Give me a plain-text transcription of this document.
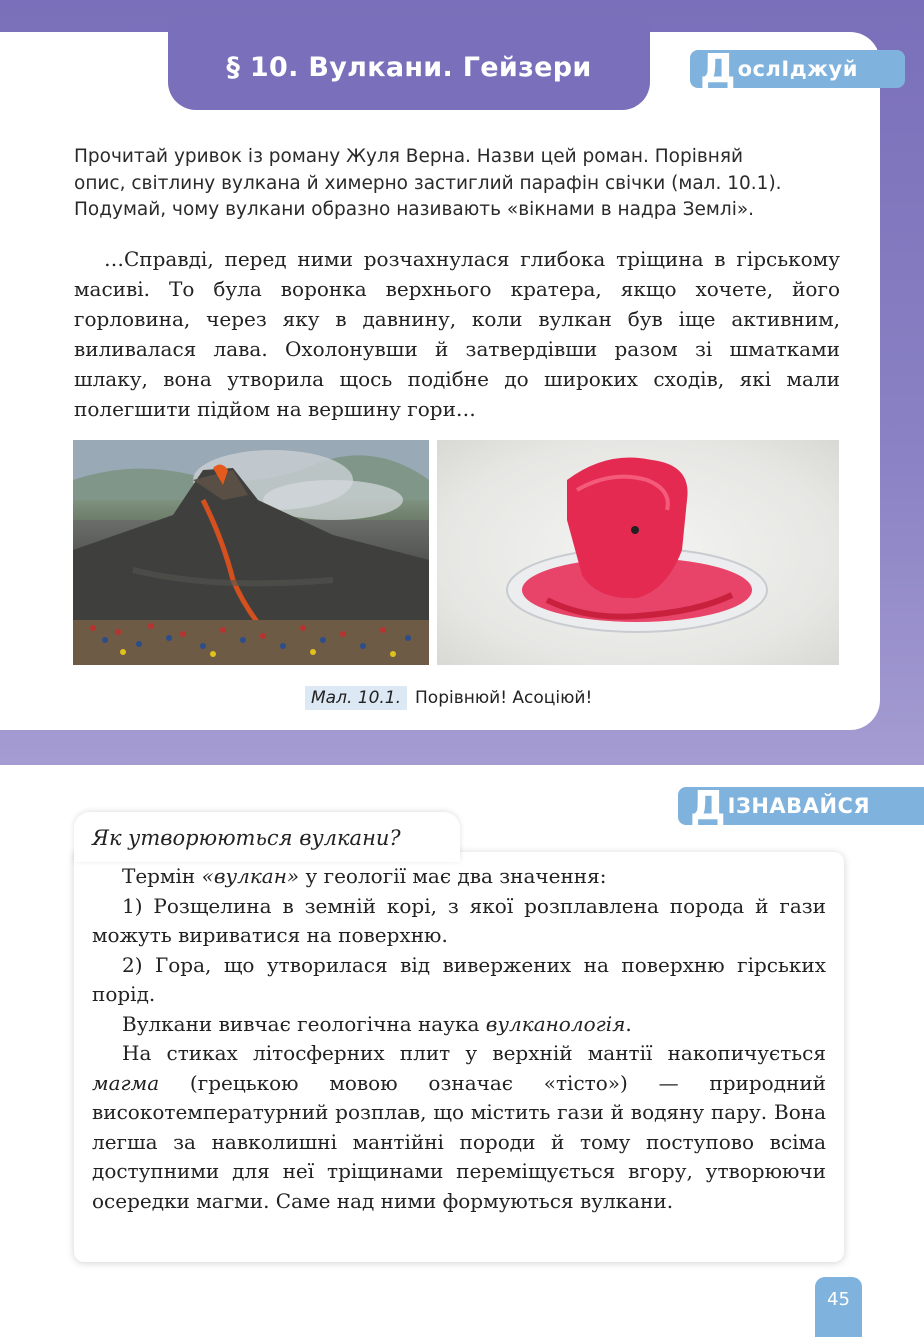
§ 10. Вулкани. Гейзери	Д ослІджуй

Прочитай уривок із роману Жуля Верна. Назви цей роман. Порівняй

опис, світлину вулкана й химерно застиглий парафін свічки (мал. 10.1).

Подумай, чому вулкани образно називають «вікнами в надра Землі».

…Справді, перед ними розчахнулася глибока тріщина в гірському масиві. То була воронка верхнього кратера, якщо хочете, його горловина, через яку в давнину, коли вулкан був іще активним, виливалася лава. Охолонувши й затвердівши разом зі шматками шлаку, вона утворила щось подібне до широких сходів, які мали полегшити підйом на вершину гори…

Мал. 10.1. Порівнюй! Асоціюй!
Д ІЗНАВАЙСЯ
Як утворюються вулкани?

Термін «вулкан» у геології має два значення:

1) Розщелина в земній корі, з якої розплавлена порода й гази можуть вириватися на поверхню.

2) Гора, що утворилася від вивержених на поверхню гірських порід.

Вулкани вивчає геологічна наука вулканологія.

На стиках літосферних плит у верхній мантії накопичується магма (грецькою мовою означає «тісто») — природний високотемпературний розплав, що містить гази й водяну пару. Вона легша за навколишні мантійні породи й тому поступово всіма доступними для неї тріщинами переміщується вгору, утворюючи осередки магми. Саме над ними формуються вулкани.

45
